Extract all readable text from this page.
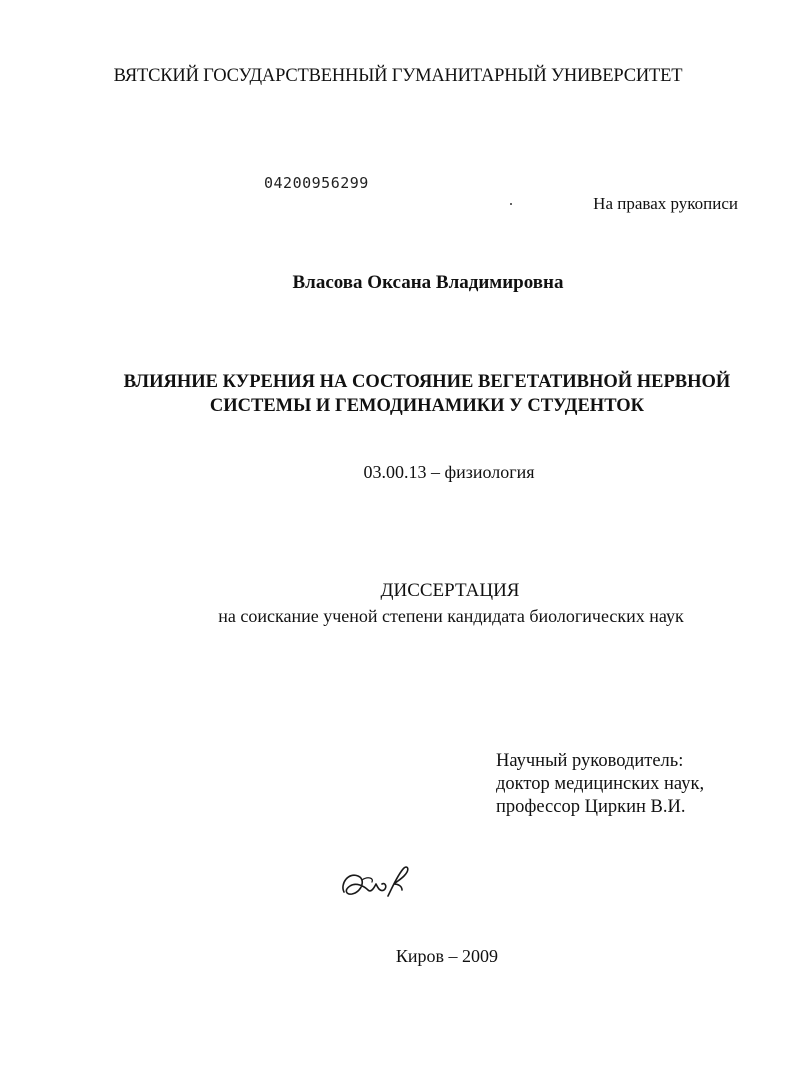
ВЯТСКИЙ ГОСУДАРСТВЕННЫЙ ГУМАНИТАРНЫЙ УНИВЕРСИТЕТ
04200956299
На правах рукописи
Власова Оксана Владимировна
ВЛИЯНИЕ КУРЕНИЯ НА СОСТОЯНИЕ ВЕГЕТАТИВНОЙ НЕРВНОЙ
СИСТЕМЫ И ГЕМОДИНАМИКИ У СТУДЕНТОК
03.00.13 – физиология
ДИССЕРТАЦИЯ
на соискание ученой степени кандидата биологических наук
Научный руководитель:
доктор медицинских наук,
профессор Циркин В.И.
Киров – 2009
